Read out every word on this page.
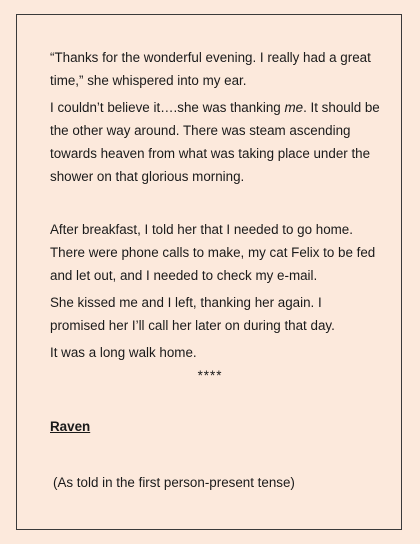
“Thanks for the wonderful evening. I really had a great time,” she whispered into my ear.

I couldn’t believe it….she was thanking me. It should be the other way around. There was steam ascending towards heaven from what was taking place under the shower on that glorious morning.

After breakfast, I told her that I needed to go home. There were phone calls to make, my cat Felix to be fed and let out, and I needed to check my e-mail.

She kissed me and I left, thanking her again. I promised her I’ll call her later on during that day.

It was a long walk home.

****
Raven
(As told in the first person-present tense)
